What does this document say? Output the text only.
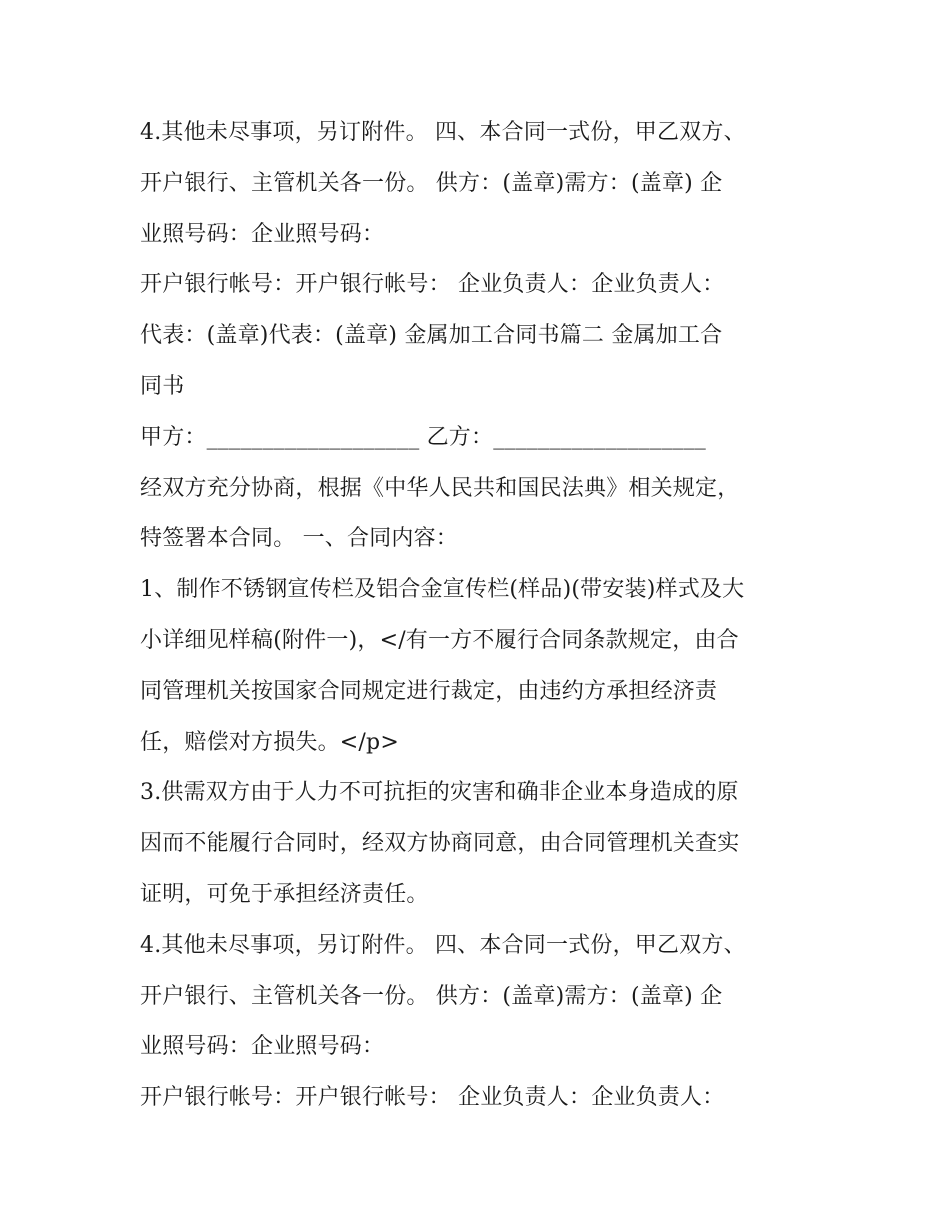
4.其他未尽事项，另订附件。 四、本合同一式份，甲乙双方、
开户银行、主管机关各一份。 供方：(盖章)需方：(盖章) 企
业照号码：企业照号码：
开户银行帐号：开户银行帐号： 企业负责人：企业负责人：
代表：(盖章)代表：(盖章) 金属加工合同书篇二 金属加工合
同书
甲方：___________________ 乙方：___________________
经双方充分协商，根据《中华人民共和国民法典》相关规定，
特签署本合同。 一、合同内容：
1、制作不锈钢宣传栏及铝合金宣传栏(样品)(带安装)样式及大
小详细见样稿(附件一)，</有一方不履行合同条款规定，由合
同管理机关按国家合同规定进行裁定，由违约方承担经济责
任，赔偿对方损失。</p>
3.供需双方由于人力不可抗拒的灾害和确非企业本身造成的原
因而不能履行合同时，经双方协商同意，由合同管理机关查实
证明，可免于承担经济责任。
4.其他未尽事项，另订附件。 四、本合同一式份，甲乙双方、
开户银行、主管机关各一份。 供方：(盖章)需方：(盖章) 企
业照号码：企业照号码：
开户银行帐号：开户银行帐号： 企业负责人：企业负责人：
